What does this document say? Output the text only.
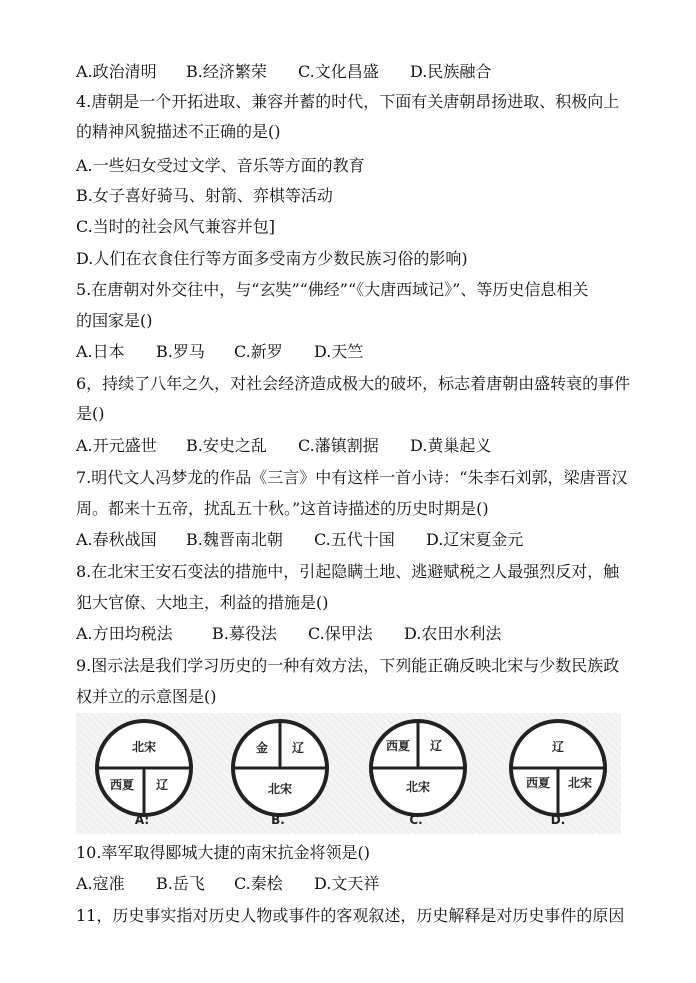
A.政治清明	B.经济繁荣	C.文化昌盛	D.民族融合
4.唐朝是一个开拓进取、兼容并蓄的时代，下面有关唐朝昂扬进取、积极向上
的精神风貌描述不正确的是()
A.一些妇女受过文学、音乐等方面的教育
B.女子喜好骑马、射箭、弈棋等活动
C.当时的社会风气兼容并包]
D.人们在衣食住行等方面多受南方少数民族习俗的影响)
5.在唐朝对外交往中，与“玄奘”“佛经”“《大唐西域记》”、等历史信息相关
的国家是()
A.日本	B.罗马	C.新罗	D.天竺
6，持续了八年之久，对社会经济造成极大的破坏，标志着唐朝由盛转衰的事件
是()
A.开元盛世	B.安史之乱	C.藩镇割据	D.黄巢起义
7.明代文人冯梦龙的作品《三言》中有这样一首小诗：“朱李石刘郭，梁唐晋汉
周。都来十五帝，扰乱五十秋。”这首诗描述的历史时期是()
A.春秋战国	B.魏晋南北朝	C.五代十国	D.辽宋夏金元
8.在北宋王安石变法的措施中，引起隐瞒土地、逃避赋税之人最强烈反对，触
犯大官僚、大地主，利益的措施是()
A.方田均税法	B.募役法	C.保甲法	D.农田水利法
9.图示法是我们学习历史的一种有效方法，下列能正确反映北宋与少数民族政
权并立的示意图是()
北宋
西夏 辽
A:
金 辽
北宋
B.
西夏 辽
北宋
C.
辽
西夏 北宋
D.
10.率军取得郾城大捷的南宋抗金将领是()
A.寇准	B.岳飞	C.秦桧	D.文天祥
11，历史事实指对历史人物或事件的客观叙述，历史解释是对历史事件的原因
